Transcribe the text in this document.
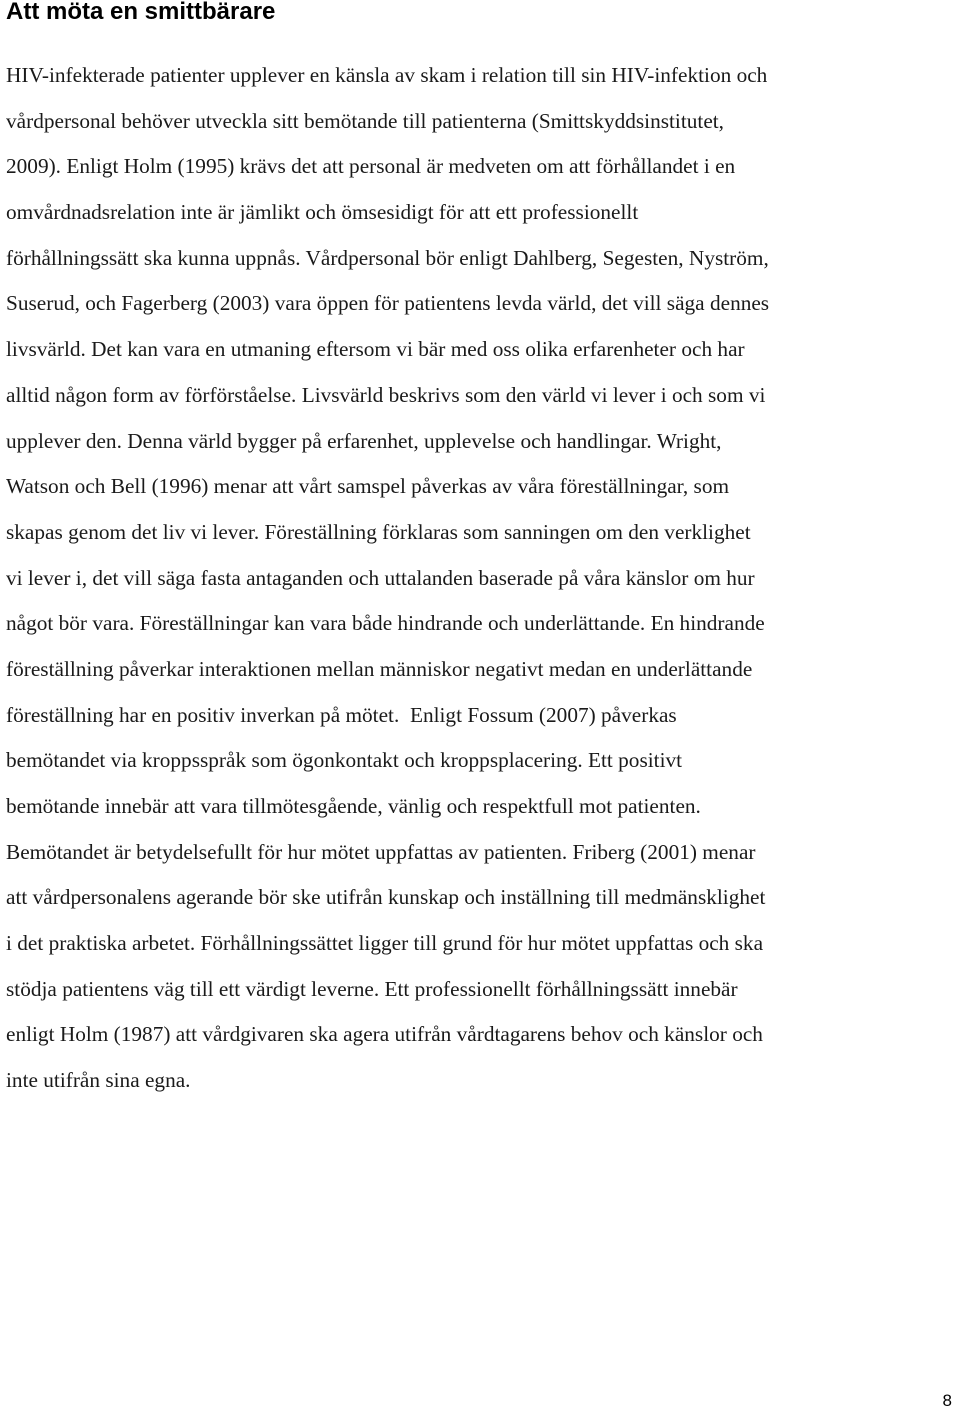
Att möta en smittbärare
HIV-infekterade patienter upplever en känsla av skam i relation till sin HIV-infektion och
vårdpersonal behöver utveckla sitt bemötande till patienterna (Smittskyddsinstitutet,
2009). Enligt Holm (1995) krävs det att personal är medveten om att förhållandet i en
omvårdnadsrelation inte är jämlikt och ömsesidigt för att ett professionellt
förhållningssätt ska kunna uppnås. Vårdpersonal bör enligt Dahlberg, Segesten, Nyström,
Suserud, och Fagerberg (2003) vara öppen för patientens levda värld, det vill säga dennes
livsvärld. Det kan vara en utmaning eftersom vi bär med oss olika erfarenheter och har
alltid någon form av förförståelse. Livsvärld beskrivs som den värld vi lever i och som vi
upplever den. Denna värld bygger på erfarenhet, upplevelse och handlingar. Wright,
Watson och Bell (1996) menar att vårt samspel påverkas av våra föreställningar, som
skapas genom det liv vi lever. Föreställning förklaras som sanningen om den verklighet
vi lever i, det vill säga fasta antaganden och uttalanden baserade på våra känslor om hur
något bör vara. Föreställningar kan vara både hindrande och underlättande. En hindrande
föreställning påverkar interaktionen mellan människor negativt medan en underlättande
föreställning har en positiv inverkan på mötet.  Enligt Fossum (2007) påverkas
bemötandet via kroppsspråk som ögonkontakt och kroppsplacering. Ett positivt
bemötande innebär att vara tillmötesgående, vänlig och respektfull mot patienten.
Bemötandet är betydelsefullt för hur mötet uppfattas av patienten. Friberg (2001) menar
att vårdpersonalens agerande bör ske utifrån kunskap och inställning till medmänsklighet
i det praktiska arbetet. Förhållningssättet ligger till grund för hur mötet uppfattas och ska
stödja patientens väg till ett värdigt leverne. Ett professionellt förhållningssätt innebär
enligt Holm (1987) att vårdgivaren ska agera utifrån vårdtagarens behov och känslor och
inte utifrån sina egna.
8
